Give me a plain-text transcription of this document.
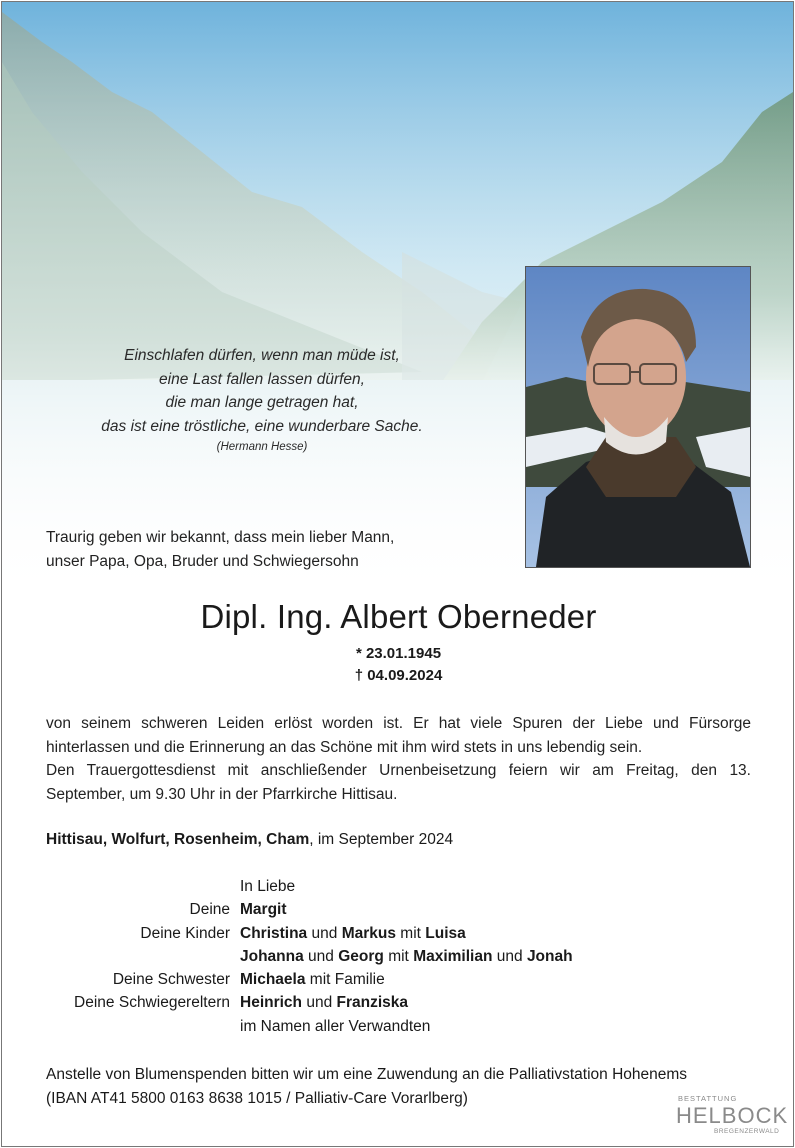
Einschlafen dürfen, wenn man müde ist,
eine Last fallen lassen dürfen,
die man lange getragen hat,
das ist eine tröstliche, eine wunderbare Sache.
(Hermann Hesse)
Traurig geben wir bekannt, dass mein lieber Mann,
unser Papa, Opa, Bruder und Schwiegersohn
Dipl. Ing. Albert Oberneder
* 23.01.1945
† 04.09.2024

von seinem schweren Leiden erlöst worden ist. Er hat viele Spuren der Liebe und Fürsorge hinterlassen und die Erinnerung an das Schöne mit ihm wird stets in uns lebendig sein.

Den Trauergottesdienst mit anschließender Urnenbeisetzung feiern wir am Freitag, den 13. September, um 9.30 Uhr in der Pfarrkirche Hittisau.

Hittisau, Wolfurt, Rosenheim, Cham, im September 2024
In Liebe
Deine Margit
Deine Kinder Christina und Markus mit Luisa
Johanna und Georg mit Maximilian und Jonah
Deine Schwester Michaela mit Familie
Deine Schwiegereltern Heinrich und Franziska
im Namen aller Verwandten
Anstelle von Blumenspenden bitten wir um eine Zuwendung an die Palliativstation Hohenems
(IBAN AT41 5800 0163 8638 1015 / Palliativ-Care Vorarlberg)	BESTATTUNG
HELBOCK
BREGENZERWALD
